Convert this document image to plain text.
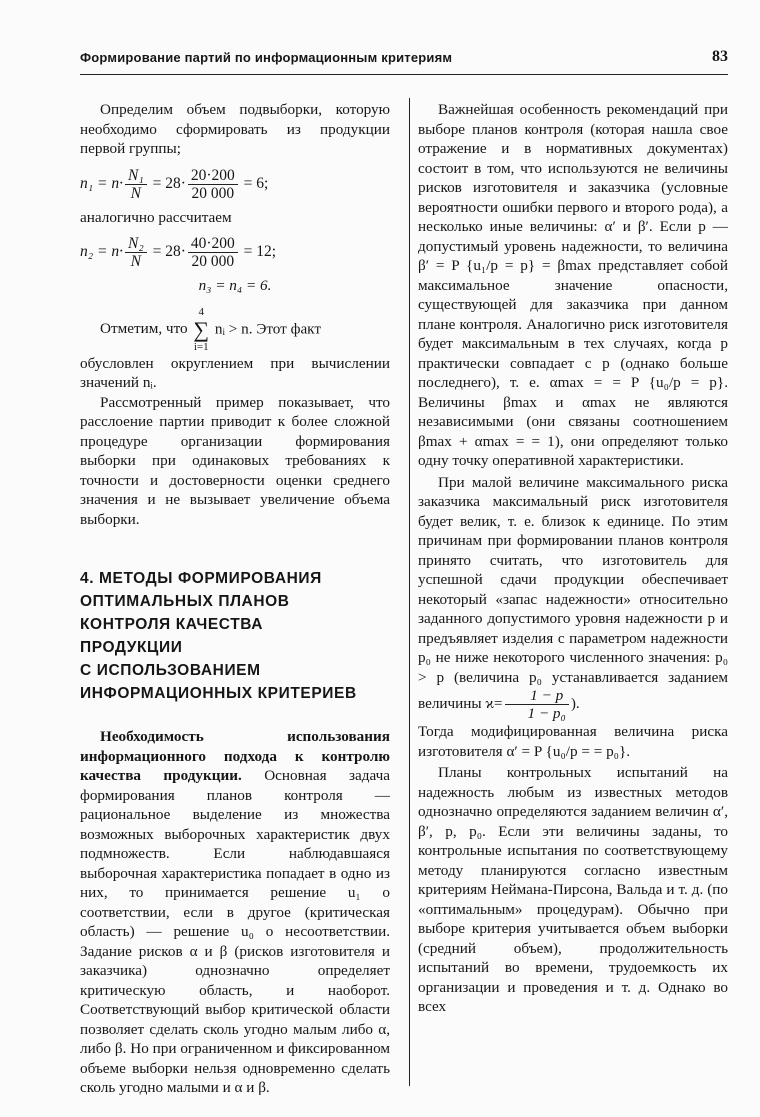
Формирование партий по информационным критериям	83

Определим объем подвыборки, которую необходимо сформировать из продукции первой группы;

$n_1 = n\cdot \frac{\text{N₁}}{N} = 28\cdot \frac{20\cdot 200}{20 000} = 6$;

аналогично рассчитаем

$n_2 = n\cdot \frac{\text{N₂}}{N} = 28\cdot \frac{40\cdot 200}{20 000} = 12$;

n₃ = n₄ = 6.

Отметим, что
4
∑
i=1
nᵢ > n. Этот факт

обусловлен округлением при вычислении значений nᵢ.

Рассмотренный пример показывает, что расслоение партии приводит к более сложной процедуре организации формирования выборки при одинаковых требованиях к точности и достоверности оценки среднего значения и не вызывает увеличение объема выборки.

4. МЕТОДЫ ФОРМИРОВАНИЯ
ОПТИМАЛЬНЫХ ПЛАНОВ
КОНТРОЛЯ КАЧЕСТВА
ПРОДУКЦИИ
С ИСПОЛЬЗОВАНИЕМ
ИНФОРМАЦИОННЫХ КРИТЕРИЕВ

Необходимость использования информационного подхода к контролю качества продукции. Основная задача формирования планов контроля — рациональное выделение из множества возможных выборочных характеристик двух подмножеств. Если наблюдавшаяся выборочная характеристика попадает в одно из них, то принимается решение u₁ о соответствии, если в другое (критическая область) — решение u₀ о несоответствии. Задание рисков α и β (рисков изготовителя и заказчика) однозначно определяет критическую область, и наоборот. Соответствующий выбор критической области позволяет сделать сколь угодно малым либо α, либо β. Но при ограниченном и фиксированном объеме выборки нельзя одновременно сделать сколь угодно малыми и α и β.

Важнейшая особенность рекомендаций при выборе планов контроля (которая нашла свое отражение и в нормативных документах) состоит в том, что используются не величины рисков изготовителя и заказчика (условные вероятности ошибки первого и второго рода), а несколько иные величины: α′ и β′. Если p — допустимый уровень надежности, то величина β′ = P {u₁/p = p} = βmax представляет собой максимальное значение опасности, существующей для заказчика при данном плане контроля. Аналогично риск изготовителя будет максимальным в тех случаях, когда p практически совпадает с p (однако больше последнего), т. е. αmax = = P {u₀/p = p}. Величины βmax и αmax не являются независимыми (они связаны соотношением βmax + αmax = = 1), они определяют только одну точку оперативной характеристики.

При малой величине максимального риска заказчика максимальный риск изготовителя будет велик, т. е. близок к единице. По этим причинам при формировании планов контроля принято считать, что изготовитель для успешной сдачи продукции обеспечивает некоторый «запас надежности» относительно заданного допустимого уровня надежности p и предъявляет изделия с параметром надежности p₀ не ниже некоторого численного значения: p₀ > p (величина p₀ устанавливается заданием величины $ϰ= \frac{1 - p}{\text{1 − p₀}}$ ).

Тогда модифицированная величина риска изготовителя α′ = P {u₀/p = = p₀}.

Планы контрольных испытаний на надежность любым из известных методов однозначно определяются заданием величин α′, β′, p, p₀. Если эти величины заданы, то контрольные испытания по соответствующему методу планируются согласно известным критериям Неймана-Пирсона, Вальда и т. д. (по «оптимальным» процедурам). Обычно при выборе критерия учитывается объем выборки (средний объем), продолжительность испытаний во времени, трудоемкость их организации и проведения и т. д. Однако во всех
